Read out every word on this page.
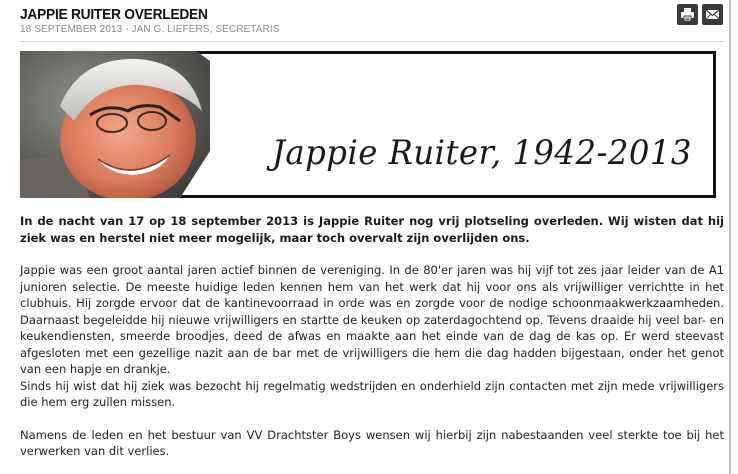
JAPPIE RUITER OVERLEDEN
18 SEPTEMBER 2013 - JAN G. LIEFERS, SECRETARIS
Jappie Ruiter, 1942-2013

In de nacht van 17 op 18 september 2013 is Jappie Ruiter nog vrij plotseling overleden. Wij wisten dat hij ziek was en herstel niet meer mogelijk, maar toch overvalt zijn overlijden ons.

Jappie was een groot aantal jaren actief binnen de vereniging. In de 80'er jaren was hij vijf tot zes jaar leider van de A1 junioren selectie. De meeste huidige leden kennen hem van het werk dat hij voor ons als vrijwilliger verrichtte in het clubhuis. Hij zorgde ervoor dat de kantinevoorraad in orde was en zorgde voor de nodige schoonmaakwerkzaamheden. Daarnaast begeleidde hij nieuwe vrijwilligers en startte de keuken op zaterdagochtend op. Tevens draaide hij veel bar- en keukendiensten, smeerde broodjes, deed de afwas en maakte aan het einde van de dag de kas op. Er werd steevast afgesloten met een gezellige nazit aan de bar met de vrijwilligers die hem die dag hadden bijgestaan, onder het genot van een hapje en drankje.

Sinds hij wist dat hij ziek was bezocht hij regelmatig wedstrijden en onderhield zijn contacten met zijn mede vrijwilligers die hem erg zullen missen.

Namens de leden en het bestuur van VV Drachtster Boys wensen wij hierbij zijn nabestaanden veel sterkte toe bij het verwerken van dit verlies.
